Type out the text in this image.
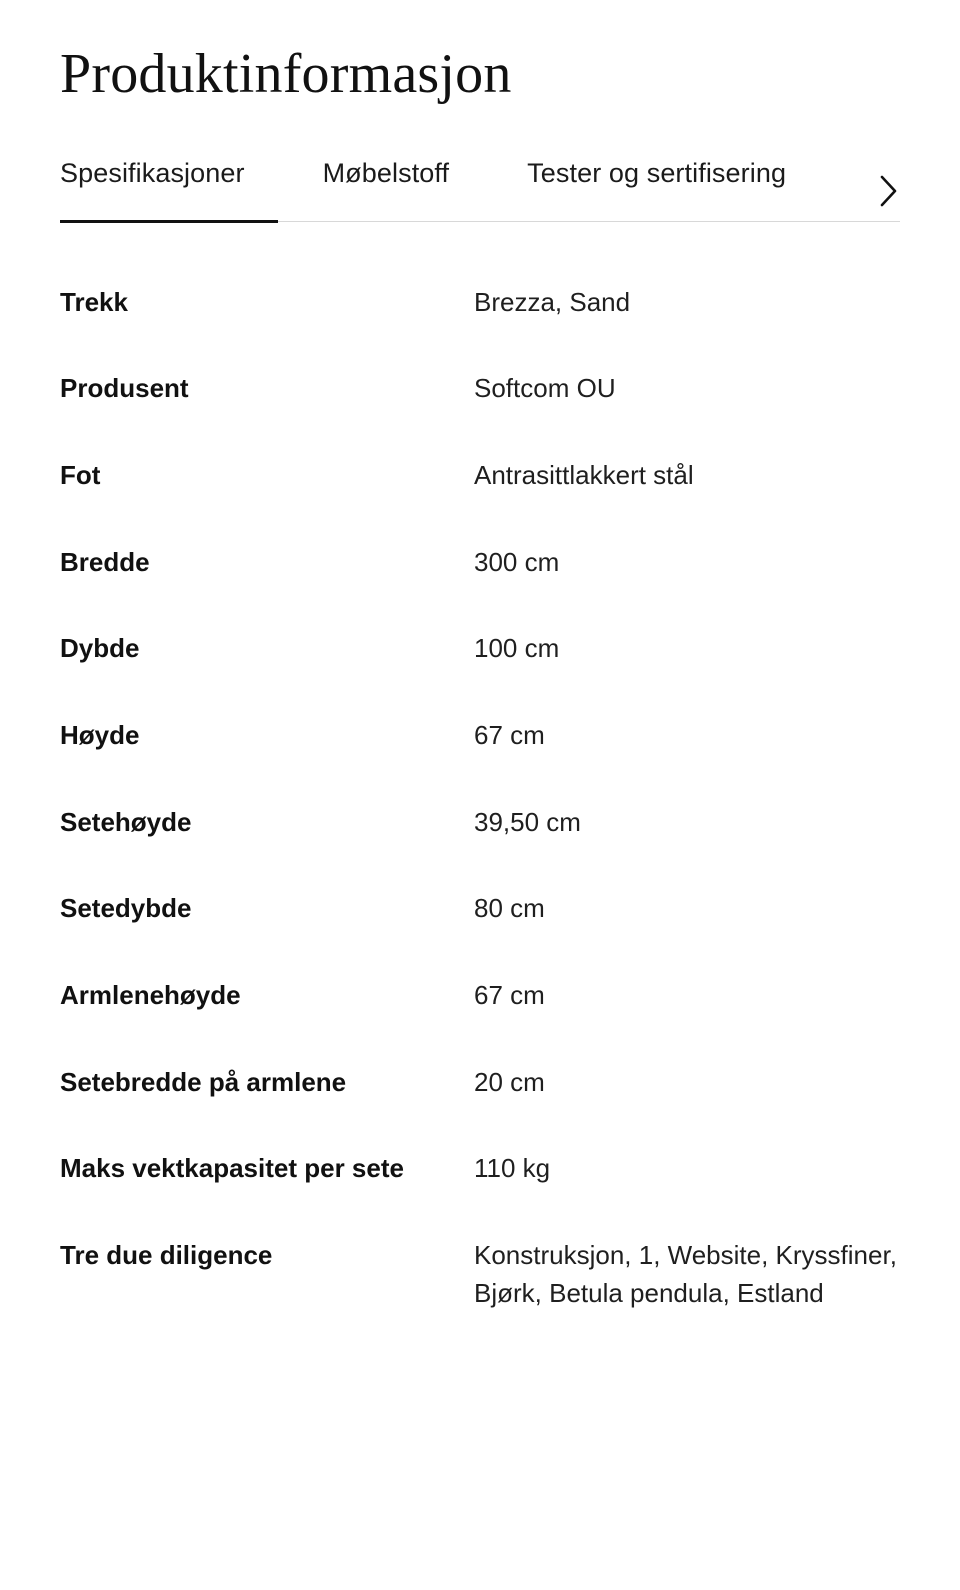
Produktinformasjon
Spesifikasjoner	Møbelstoff	Tester og sertifisering
Trekk	Brezza, Sand
Produsent	Softcom OU
Fot	Antrasittlakkert stål
Bredde	300 cm
Dybde	100 cm
Høyde	67 cm
Setehøyde	39,50 cm
Setedybde	80 cm
Armlenehøyde	67 cm
Setebredde på armlene	20 cm
Maks vektkapasitet per sete	110 kg
Tre due diligence	Konstruksjon, 1, Website, Kryssfiner, Bjørk, Betula pendula, Estland
